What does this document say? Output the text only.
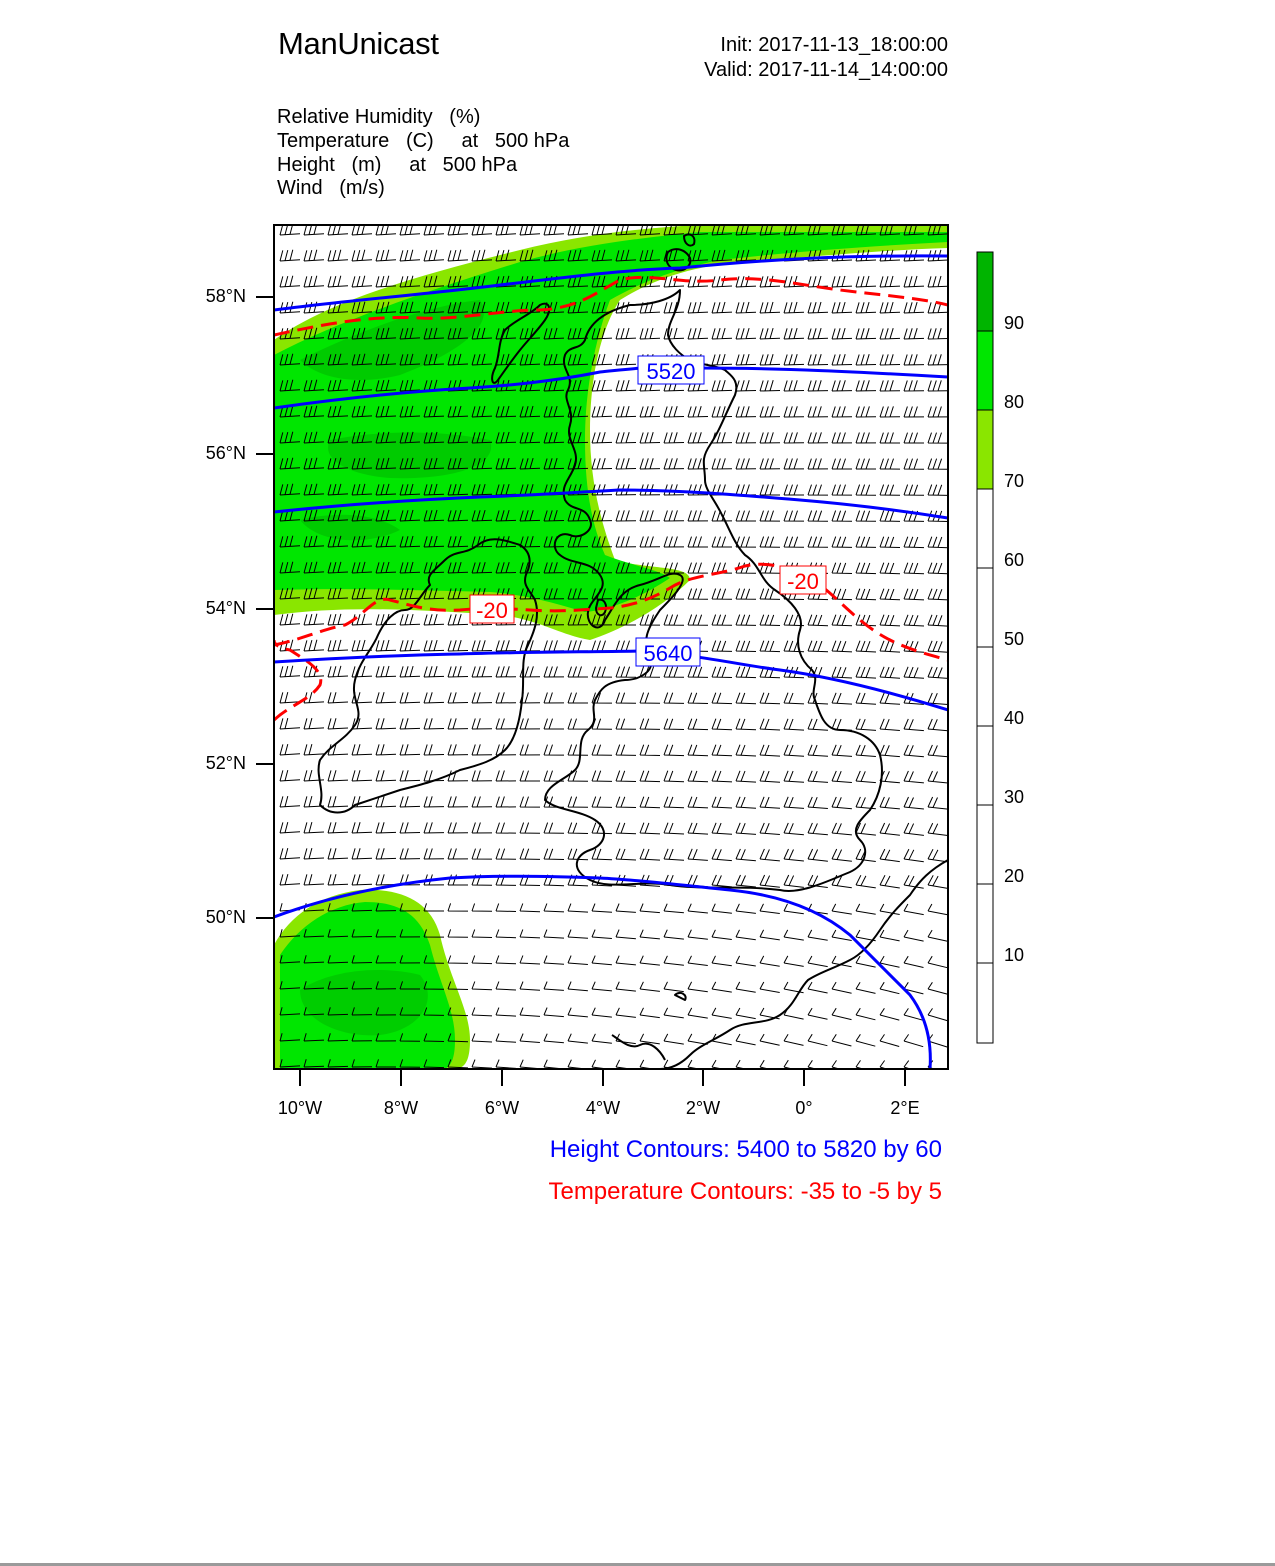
5520
5640
-20
-20
ManUnicast	Init: 2017-11-13_18:00:00
Valid: 2017-11-14_14:00:00
Relative Humidity (%)
Temperature (C) at 500 hPa
Height (m) at 500 hPa
Wind (m/s)
58°N
56°N
54°N
52°N
50°N
10°W	8°W	6°W	4°W	2°W	0°	2°E
90
80
70
60
50
40
30
20
10
Height Contours: 5400 to 5820 by 60
Temperature Contours: -35 to -5 by 5
